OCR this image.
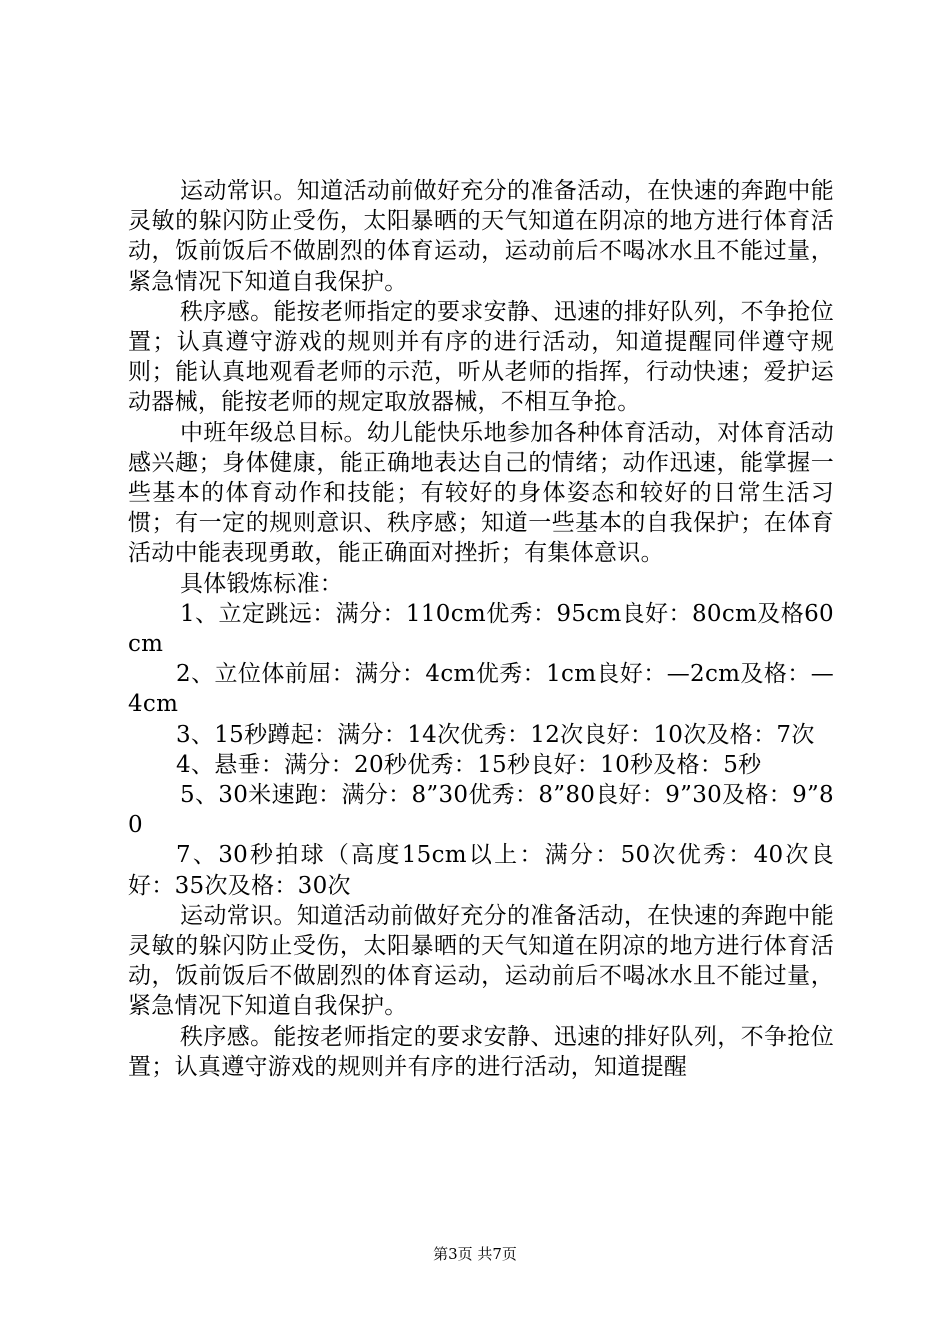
运动常识。知道活动前做好充分的准备活动，在快速的奔跑中能灵敏的躲闪防止受伤，太阳暴晒的天气知道在阴凉的地方进行体育活动，饭前饭后不做剧烈的体育运动，运动前后不喝冰水且不能过量，紧急情况下知道自我保护。

秩序感。能按老师指定的要求安静、迅速的排好队列，不争抢位置；认真遵守游戏的规则并有序的进行活动，知道提醒同伴遵守规则；能认真地观看老师的示范，听从老师的指挥，行动快速；爱护运动器械，能按老师的规定取放器械，不相互争抢。

中班年级总目标。幼儿能快乐地参加各种体育活动，对体育活动感兴趣；身体健康，能正确地表达自己的情绪；动作迅速，能掌握一些基本的体育动作和技能；有较好的身体姿态和较好的日常生活习惯；有一定的规则意识、秩序感；知道一些基本的自我保护；在体育活动中能表现勇敢，能正确面对挫折；有集体意识。

具体锻炼标准：

1、立定跳远：满分：110cm优秀：95cm良好：80cm及格60cm

2、立位体前屈：满分：4cm优秀：1cm良好：—2cm及格：—4cm

3、15秒蹲起：满分：14次优秀：12次良好：10次及格：7次

4、悬垂：满分：20秒优秀：15秒良好：10秒及格：5秒

5、30米速跑：满分：8”30优秀：8”80良好：9”30及格：9”80

7、30秒拍球（高度15cm以上：满分：50次优秀：40次良好：35次及格：30次

运动常识。知道活动前做好充分的准备活动，在快速的奔跑中能灵敏的躲闪防止受伤，太阳暴晒的天气知道在阴凉的地方进行体育活动，饭前饭后不做剧烈的体育运动，运动前后不喝冰水且不能过量，紧急情况下知道自我保护。

秩序感。能按老师指定的要求安静、迅速的排好队列，不争抢位置；认真遵守游戏的规则并有序的进行活动，知道提醒

第3页 共7页
